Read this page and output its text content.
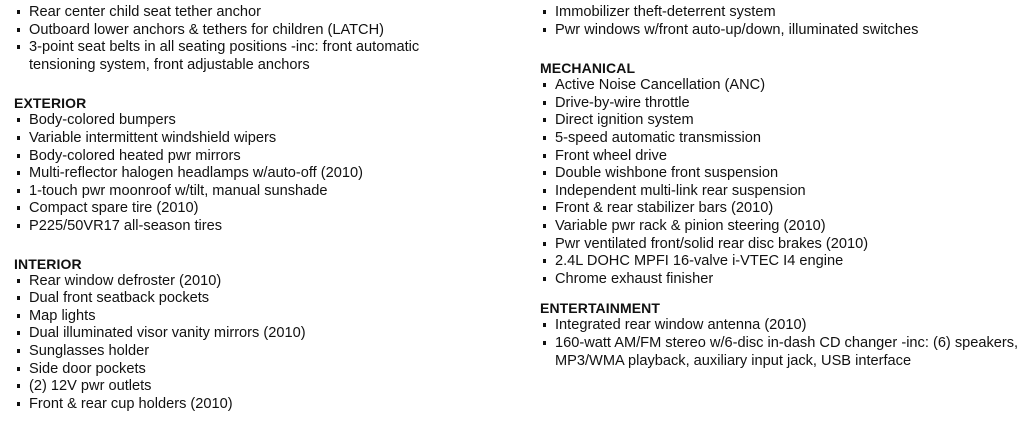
Rear center child seat tether anchor
Outboard lower anchors & tethers for children (LATCH)
3-point seat belts in all seating positions -inc: front automatic tensioning system, front adjustable anchors
EXTERIOR
Body-colored bumpers
Variable intermittent windshield wipers
Body-colored heated pwr mirrors
Multi-reflector halogen headlamps w/auto-off (2010)
1-touch pwr moonroof w/tilt, manual sunshade
Compact spare tire (2010)
P225/50VR17 all-season tires
INTERIOR
Rear window defroster (2010)
Dual front seatback pockets
Map lights
Dual illuminated visor vanity mirrors (2010)
Sunglasses holder
Side door pockets
(2) 12V pwr outlets
Front & rear cup holders (2010)
Immobilizer theft-deterrent system
Pwr windows w/front auto-up/down, illuminated switches
MECHANICAL
Active Noise Cancellation (ANC)
Drive-by-wire throttle
Direct ignition system
5-speed automatic transmission
Front wheel drive
Double wishbone front suspension
Independent multi-link rear suspension
Front & rear stabilizer bars (2010)
Variable pwr rack & pinion steering (2010)
Pwr ventilated front/solid rear disc brakes (2010)
2.4L DOHC MPFI 16-valve i-VTEC I4 engine
Chrome exhaust finisher
ENTERTAINMENT
Integrated rear window antenna (2010)
160-watt AM/FM stereo w/6-disc in-dash CD changer -inc: (6) speakers, MP3/WMA playback, auxiliary input jack, USB interface
